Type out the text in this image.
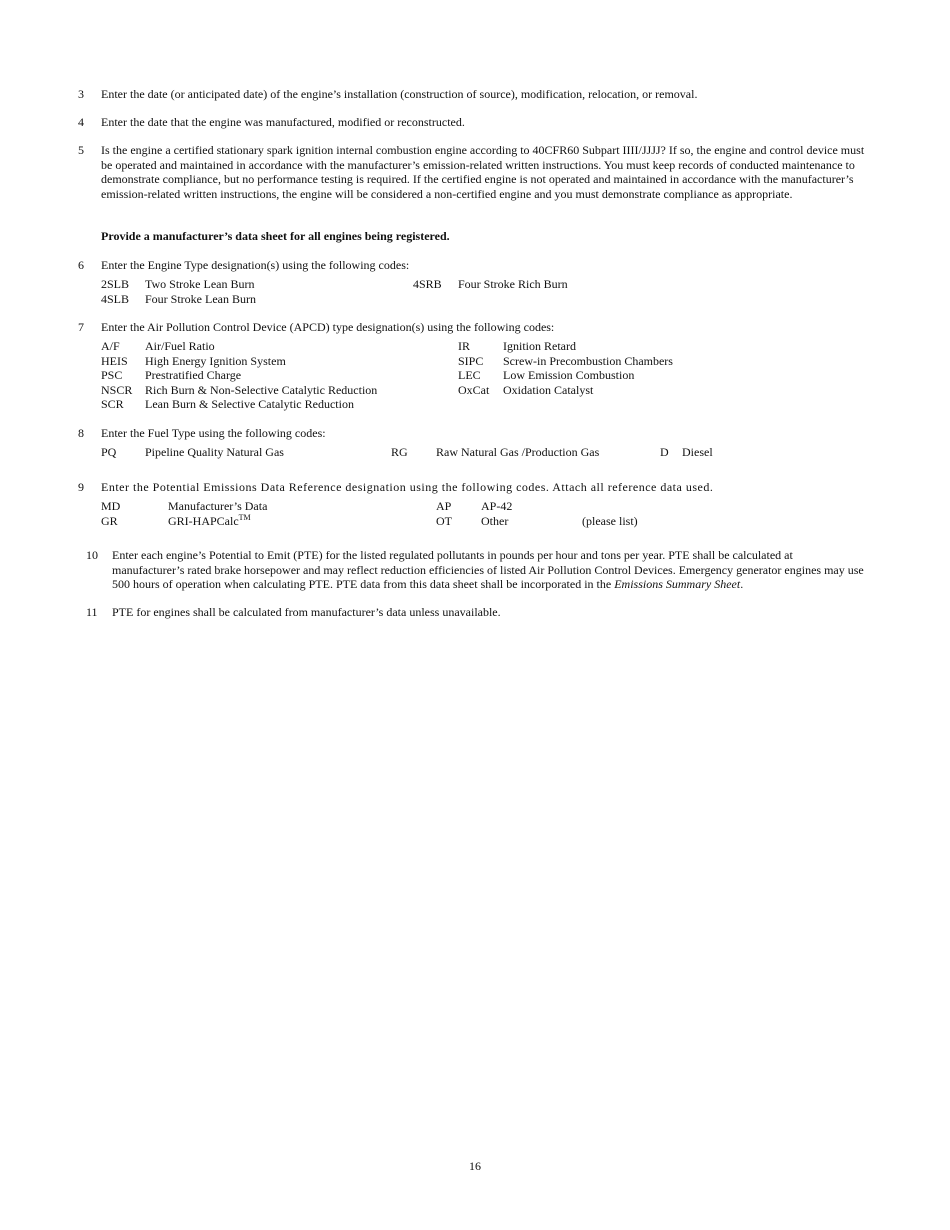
3 Enter the date (or anticipated date) of the engine’s installation (construction of source), modification, relocation, or removal.
4 Enter the date that the engine was manufactured, modified or reconstructed.
5 Is the engine a certified stationary spark ignition internal combustion engine according to 40CFR60 Subpart IIII/JJJJ? If so, the engine and control device must be operated and maintained in accordance with the manufacturer’s emission-related written instructions. You must keep records of conducted maintenance to demonstrate compliance, but no performance testing is required. If the certified engine is not operated and maintained in accordance with the manufacturer’s emission-related written instructions, the engine will be considered a non-certified engine and you must demonstrate compliance as appropriate.
Provide a manufacturer’s data sheet for all engines being registered.
6 Enter the Engine Type designation(s) using the following codes:
2SLB Two Stroke Lean Burn	4SRB Four Stroke Rich Burn
4SLB Four Stroke Lean Burn
7 Enter the Air Pollution Control Device (APCD) type designation(s) using the following codes:
A/F Air/Fuel Ratio	IR	Ignition Retard
HEIS High Energy Ignition System	SIPC Screw-in Precombustion Chambers
PSC Prestratified Charge	LEC Low Emission Combustion
NSCR Rich Burn & Non-Selective Catalytic Reduction	OxCat Oxidation Catalyst
SCR Lean Burn & Selective Catalytic Reduction
8 Enter the Fuel Type using the following codes:
PQ Pipeline Quality Natural Gas	RG Raw Natural Gas /Production Gas	D Diesel
9 Enter the Potential Emissions Data Reference designation using the following codes. Attach all reference data used.
MD	Manufacturer’s Data	AP AP-42
GR	GRI-HAPCalc™	OT Other	(please list)
10 Enter each engine’s Potential to Emit (PTE) for the listed regulated pollutants in pounds per hour and tons per year. PTE shall be calculated at manufacturer’s rated brake horsepower and may reflect reduction efficiencies of listed Air Pollution Control Devices. Emergency generator engines may use 500 hours of operation when calculating PTE. PTE data from this data sheet shall be incorporated in the Emissions Summary Sheet.
11 PTE for engines shall be calculated from manufacturer’s data unless unavailable.
16
